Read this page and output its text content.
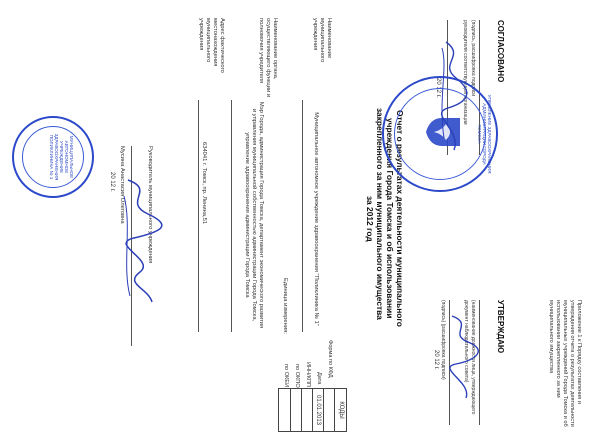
СОГЛАСОВАНО
(подпись, расшифровка подписи
руководителя соответствующей организации
20 12 г.
Приложение 1 к Порядку составления и утверждения отчета о результатах деятельности муниципальных учреждений Города Томска и об использовании закрепленного за ним муниципального имущества
УТВЕРЖДАЮ
(наименование должности лица, утверждающего
документ наблюдательного совета)
(подпись) (расшифровка подписи)
20 12 г.
Отчет о результатах деятельности муниципального
учреждения Города Томска и об использовании
закрепленного за ним муниципального имущества
за 2012 год
КОДЫ
01.01.2013
Форма по КФД
Дата
ИНН/КПП
по ОКПО
по ОКЕИ
Наименование муниципального учреждения
Муниципальное автономное учреждение здравоохранения "Поликлиника № 1"
Единица измерения:
Наименование органа, осуществляющего функции и полномочия учредителя
Мэр Города, администрация Города Томска, департамент экономического развития и управления муниципальной собственностью администрации Города Томска, управление здравоохранения администрации Города Томска
Адрес фактического местонахождения муниципального учреждения
634041 г. Томск, пр. Ленина,51
Руководитель муниципального учреждения
Мусина Анастасия Олеговна
20 12 г.
УПРАВЛЕНИЕ ЗДРАВООХРАНЕНИЯ АДМИНИСТРАЦИИ ГОРОДА ТОМСКА
МУНИЦИПАЛЬНОЕ АВТОНОМНОЕ УЧРЕЖДЕНИЕ ЗДРАВООХРАНЕНИЯ ПОЛИКЛИНИКА № 1
